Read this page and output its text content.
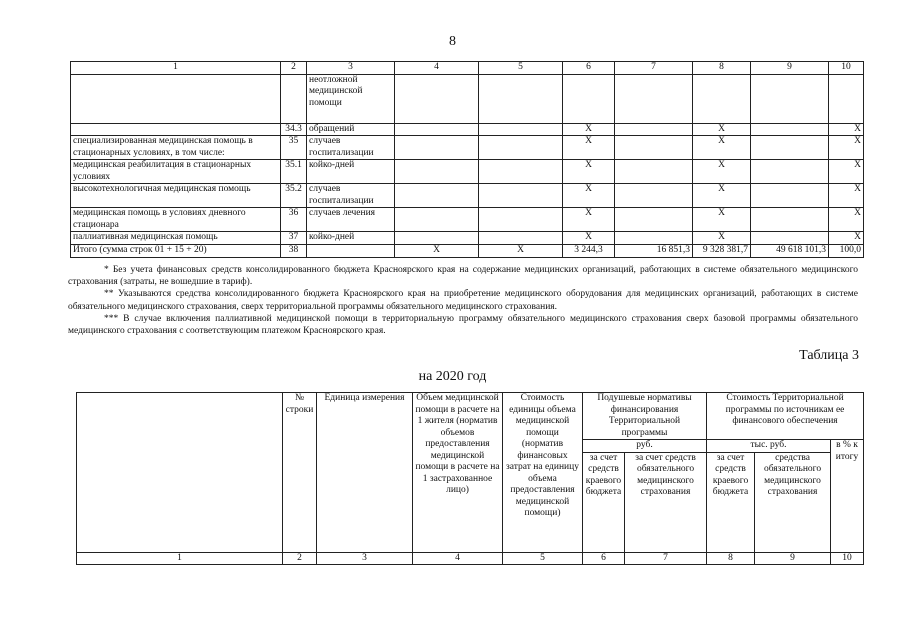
8
1	2	3	4	5	6	7	8	9	10
		неотложной медицинской помощи							
	34.3	обращений			Х		Х		Х
специализированная медицинская помощь в стационарных условиях, в том числе:	35	случаев госпитализации			Х		Х		Х
медицинская реабилитация в стационарных условиях	35.1	койко-дней			Х		Х		Х
высокотехнологичная медицинская помощь	35.2	случаев госпитализации			Х		Х		Х
медицинская помощь в условиях дневного стационара	36	случаев лечения			Х		Х		Х
паллиативная медицинская помощь	37	койко-дней			Х		Х		Х
Итого (сумма строк 01 + 15 + 20)	38		Х	Х	3 244,3	16 851,3	9 328 381,7	49 618 101,3	100,0

* Без учета финансовых средств консолидированного бюджета Красноярского края на содержание медицинских организаций, работающих в системе обязательного медицинского страхования (затраты, не вошедшие в тариф).

** Указываются средства консолидированного бюджета Красноярского края на приобретение медицинского оборудования для медицинских организаций, работающих в системе обязательного медицинского страхования, сверх территориальной программы обязательного медицинского страхования.

*** В случае включения паллиативной медицинской помощи в территориальную программу обязательного медицинского страхования сверх базовой программы обязательного медицинского страхования с соответствующим платежом Красноярского края.

Таблица 3
на 2020 год
	№ строки	Единица измерения	Объем медицинской помощи в расчете на 1 жителя (норматив объемов предоставления медицинской помощи в расчете на 1 застрахованное лицо)	Стоимость единицы объема медицинской помощи (норматив финансовых затрат на единицу объема предоставления медицинской помощи)	Подушевые нормативы финансирования Территориальной программы		Стоимость Территориальной программы по источникам ее финансового обеспечения		
					руб.		тыс. руб.		в % к итогу
					за счет средств краевого бюджета	за счет средств обязательного медицинского страхования	за счет средств краевого бюджета	средства обязательного медицинского страхования	
1	2	3	4	5	6	7	8	9	10
